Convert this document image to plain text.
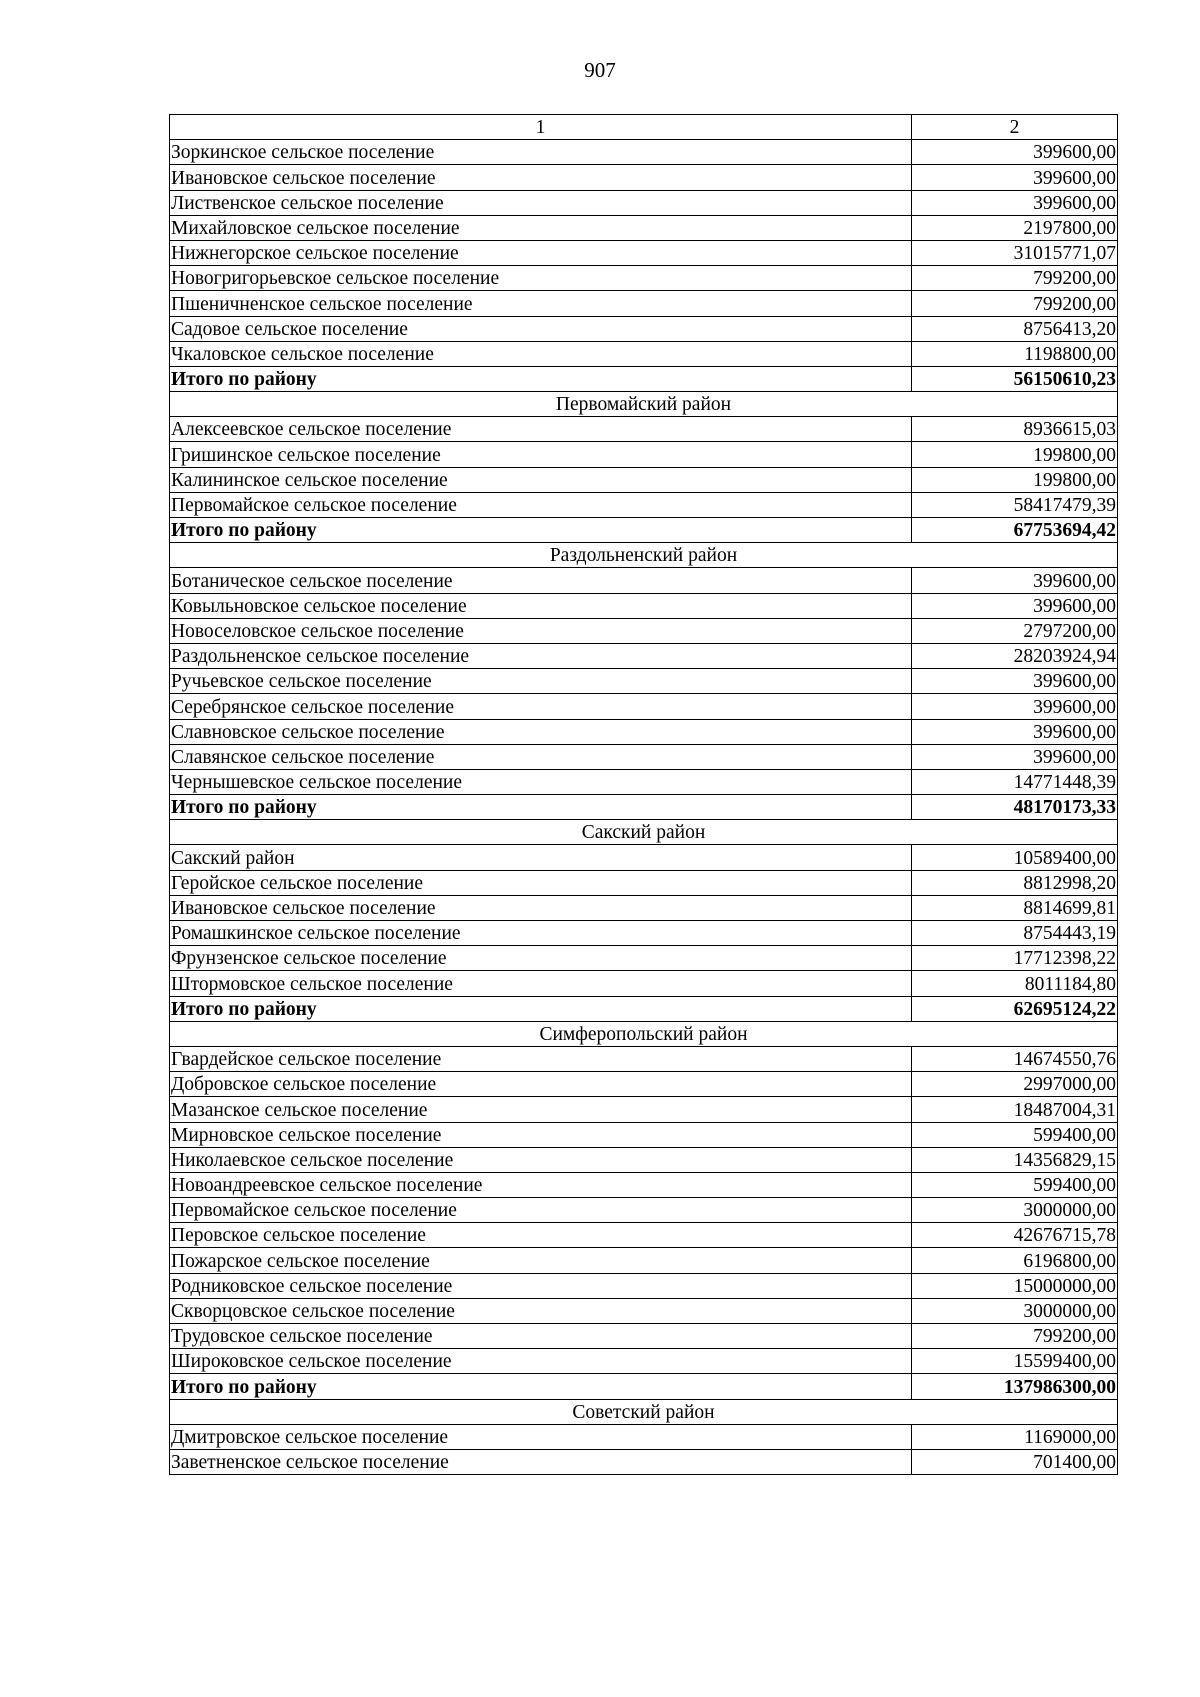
907
1	2
Зоркинское сельское поселение	399600,00
Ивановское сельское поселение	399600,00
Лиственское сельское поселение	399600,00
Михайловское сельское поселение	2197800,00
Нижнегорское сельское поселение	31015771,07
Новогригорьевское сельское поселение	799200,00
Пшеничненское сельское поселение	799200,00
Садовое сельское поселение	8756413,20
Чкаловское сельское поселение	1198800,00
Итого по району	56150610,23
Первомайский район	
Алексеевское сельское поселение	8936615,03
Гришинское сельское поселение	199800,00
Калининское сельское поселение	199800,00
Первомайское сельское поселение	58417479,39
Итого по району	67753694,42
Раздольненский район	
Ботаническое сельское поселение	399600,00
Ковыльновское сельское поселение	399600,00
Новоселовское сельское поселение	2797200,00
Раздольненское сельское поселение	28203924,94
Ручьевское сельское поселение	399600,00
Серебрянское сельское поселение	399600,00
Славновское сельское поселение	399600,00
Славянское сельское поселение	399600,00
Чернышевское сельское поселение	14771448,39
Итого по району	48170173,33
Сакский район	
Сакский район	10589400,00
Геройское сельское поселение	8812998,20
Ивановское сельское поселение	8814699,81
Ромашкинское сельское поселение	8754443,19
Фрунзенское сельское поселение	17712398,22
Штормовское сельское поселение	8011184,80
Итого по району	62695124,22
Симферопольский район	
Гвардейское сельское поселение	14674550,76
Добровское сельское поселение	2997000,00
Мазанское сельское поселение	18487004,31
Мирновское сельское поселение	599400,00
Николаевское сельское поселение	14356829,15
Новоандреевское сельское поселение	599400,00
Первомайское сельское поселение	3000000,00
Перовское сельское поселение	42676715,78
Пожарское сельское поселение	6196800,00
Родниковское сельское поселение	15000000,00
Скворцовское сельское поселение	3000000,00
Трудовское сельское поселение	799200,00
Широковское сельское поселение	15599400,00
Итого по району	137986300,00
Советский район	
Дмитровское сельское поселение	1169000,00
Заветненское сельское поселение	701400,00
